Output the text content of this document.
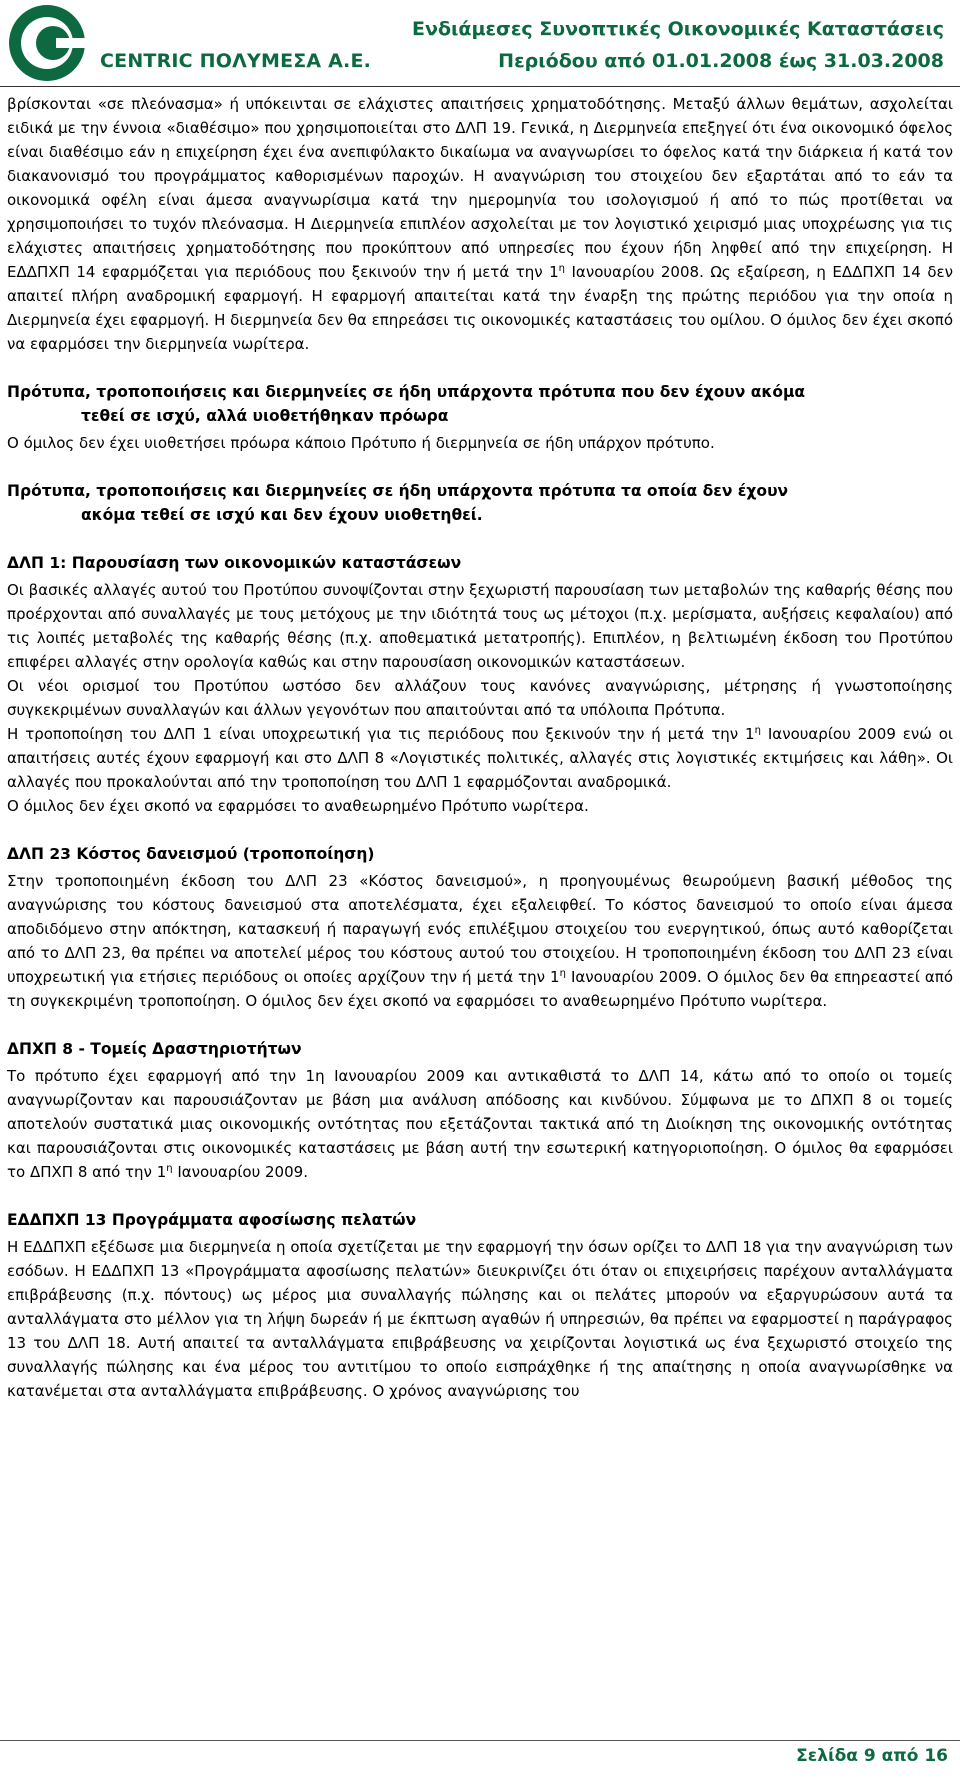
CENTRIC ΠΟΛΥΜΕΣΑ Α.Ε.
Ενδιάμεσες Συνοπτικές Οικονομικές Καταστάσεις
Περιόδου από 01.01.2008 έως 31.03.2008

βρίσκονται «σε πλεόνασμα» ή υπόκεινται σε ελάχιστες απαιτήσεις χρηματοδότησης. Μεταξύ άλλων θεμάτων, ασχολείται ειδικά με την έννοια «διαθέσιμο» που χρησιμοποιείται στο ΔΛΠ 19. Γενικά, η Διερμηνεία επεξηγεί ότι ένα οικονομικό όφελος είναι διαθέσιμο εάν η επιχείρηση έχει ένα ανεπιφύλακτο δικαίωμα να αναγνωρίσει το όφελος κατά την διάρκεια ή κατά τον διακανονισμό του προγράμματος καθορισμένων παροχών. Η αναγνώριση του στοιχείου δεν εξαρτάται από το εάν τα οικονομικά οφέλη είναι άμεσα αναγνωρίσιμα κατά την ημερομηνία του ισολογισμού ή από το πώς προτίθεται να χρησιμοποιήσει το τυχόν πλεόνασμα. Η Διερμηνεία επιπλέον ασχολείται με τον λογιστικό χειρισμό μιας υποχρέωσης για τις ελάχιστες απαιτήσεις χρηματοδότησης που προκύπτουν από υπηρεσίες που έχουν ήδη ληφθεί από την επιχείρηση. Η ΕΔΔΠΧΠ 14 εφαρμόζεται για περιόδους που ξεκινούν την ή μετά την $1^\eta$ Ιανουαρίου 2008. Ως εξαίρεση, η ΕΔΔΠΧΠ 14 δεν απαιτεί πλήρη αναδρομική εφαρμογή. Η εφαρμογή απαιτείται κατά την έναρξη της πρώτης περιόδου για την οποία η Διερμηνεία έχει εφαρμογή. Η διερμηνεία δεν θα επηρεάσει τις οικονομικές καταστάσεις του ομίλου. Ο όμιλος δεν έχει σκοπό να εφαρμόσει την διερμηνεία νωρίτερα.

Πρότυπα, τροποποιήσεις και διερμηνείες σε ήδη υπάρχοντα πρότυπα που δεν έχουν ακόμα
τεθεί σε ισχύ, αλλά υιοθετήθηκαν πρόωρα

Ο όμιλος δεν έχει υιοθετήσει πρόωρα κάποιο Πρότυπο ή διερμηνεία σε ήδη υπάρχον πρότυπο.

Πρότυπα, τροποποιήσεις και διερμηνείες σε ήδη υπάρχοντα πρότυπα τα οποία δεν έχουν
ακόμα τεθεί σε ισχύ και δεν έχουν υιοθετηθεί.
ΔΛΠ 1: Παρουσίαση των οικονομικών καταστάσεων

Οι βασικές αλλαγές αυτού του Προτύπου συνοψίζονται στην ξεχωριστή παρουσίαση των μεταβολών της καθαρής θέσης που προέρχονται από συναλλαγές με τους μετόχους με την ιδιότητά τους ως μέτοχοι (π.χ. μερίσματα, αυξήσεις κεφαλαίου) από τις λοιπές μεταβολές της καθαρής θέσης (π.χ. αποθεματικά μετατροπής). Επιπλέον, η βελτιωμένη έκδοση του Προτύπου επιφέρει αλλαγές στην ορολογία καθώς και στην παρουσίαση οικονομικών καταστάσεων.

Οι νέοι ορισμοί του Προτύπου ωστόσο δεν αλλάζουν τους κανόνες αναγνώρισης, μέτρησης ή γνωστοποίησης συγκεκριμένων συναλλαγών και άλλων γεγονότων που απαιτούνται από τα υπόλοιπα Πρότυπα.

Η τροποποίηση του ΔΛΠ 1 είναι υποχρεωτική για τις περιόδους που ξεκινούν την ή μετά την $1^\eta$ Ιανουαρίου 2009 ενώ οι απαιτήσεις αυτές έχουν εφαρμογή και στο ΔΛΠ 8 «Λογιστικές πολιτικές, αλλαγές στις λογιστικές εκτιμήσεις και λάθη». Οι αλλαγές που προκαλούνται από την τροποποίηση του ΔΛΠ 1 εφαρμόζονται αναδρομικά.

Ο όμιλος δεν έχει σκοπό να εφαρμόσει το αναθεωρημένο Πρότυπο νωρίτερα.

ΔΛΠ 23 Κόστος δανεισμού (τροποποίηση)

Στην τροποποιημένη έκδοση του ΔΛΠ 23 «Κόστος δανεισμού», η προηγουμένως θεωρούμενη βασική μέθοδος της αναγνώρισης του κόστους δανεισμού στα αποτελέσματα, έχει εξαλειφθεί. Το κόστος δανεισμού το οποίο είναι άμεσα αποδιδόμενο στην απόκτηση, κατασκευή ή παραγωγή ενός επιλέξιμου στοιχείου του ενεργητικού, όπως αυτό καθορίζεται από το ΔΛΠ 23, θα πρέπει να αποτελεί μέρος του κόστους αυτού του στοιχείου. Η τροποποιημένη έκδοση του ΔΛΠ 23 είναι υποχρεωτική για ετήσιες περιόδους οι οποίες αρχίζουν την ή μετά την $1^\eta$ Ιανουαρίου 2009. Ο όμιλος δεν θα επηρεαστεί από τη συγκεκριμένη τροποποίηση. Ο όμιλος δεν έχει σκοπό να εφαρμόσει το αναθεωρημένο Πρότυπο νωρίτερα.

ΔΠΧΠ 8 - Τομείς Δραστηριοτήτων

Το πρότυπο έχει εφαρμογή από την 1η Ιανουαρίου 2009 και αντικαθιστά το ΔΛΠ 14, κάτω από το οποίο οι τομείς αναγνωρίζονταν και παρουσιάζονταν με βάση μια ανάλυση απόδοσης και κινδύνου. Σύμφωνα με το ΔΠΧΠ 8 οι τομείς αποτελούν συστατικά μιας οικονομικής οντότητας που εξετάζονται τακτικά από τη Διοίκηση της οικονομικής οντότητας και παρουσιάζονται στις οικονομικές καταστάσεις με βάση αυτή την εσωτερική κατηγοριοποίηση. Ο όμιλος θα εφαρμόσει το ΔΠΧΠ 8 από την $1^\eta$ Ιανουαρίου 2009.

ΕΔΔΠΧΠ 13 Προγράμματα αφοσίωσης πελατών

Η ΕΔΔΠΧΠ εξέδωσε μια διερμηνεία η οποία σχετίζεται με την εφαρμογή την όσων ορίζει το ΔΛΠ 18 για την αναγνώριση των εσόδων. Η ΕΔΔΠΧΠ 13 «Προγράμματα αφοσίωσης πελατών» διευκρινίζει ότι όταν οι επιχειρήσεις παρέχουν ανταλλάγματα επιβράβευσης (π.χ. πόντους) ως μέρος μια συναλλαγής πώλησης και οι πελάτες μπορούν να εξαργυρώσουν αυτά τα ανταλλάγματα στο μέλλον για τη λήψη δωρεάν ή με έκπτωση αγαθών ή υπηρεσιών, θα πρέπει να εφαρμοστεί η παράγραφος 13 του ΔΛΠ 18. Αυτή απαιτεί τα ανταλλάγματα επιβράβευσης να χειρίζονται λογιστικά ως ένα ξεχωριστό στοιχείο της συναλλαγής πώλησης και ένα μέρος του αντιτίμου το οποίο εισπράχθηκε ή της απαίτησης η οποία αναγνωρίσθηκε να κατανέμεται στα ανταλλάγματα επιβράβευσης. Ο χρόνος αναγνώρισης του

Σελίδα 9 από 16
